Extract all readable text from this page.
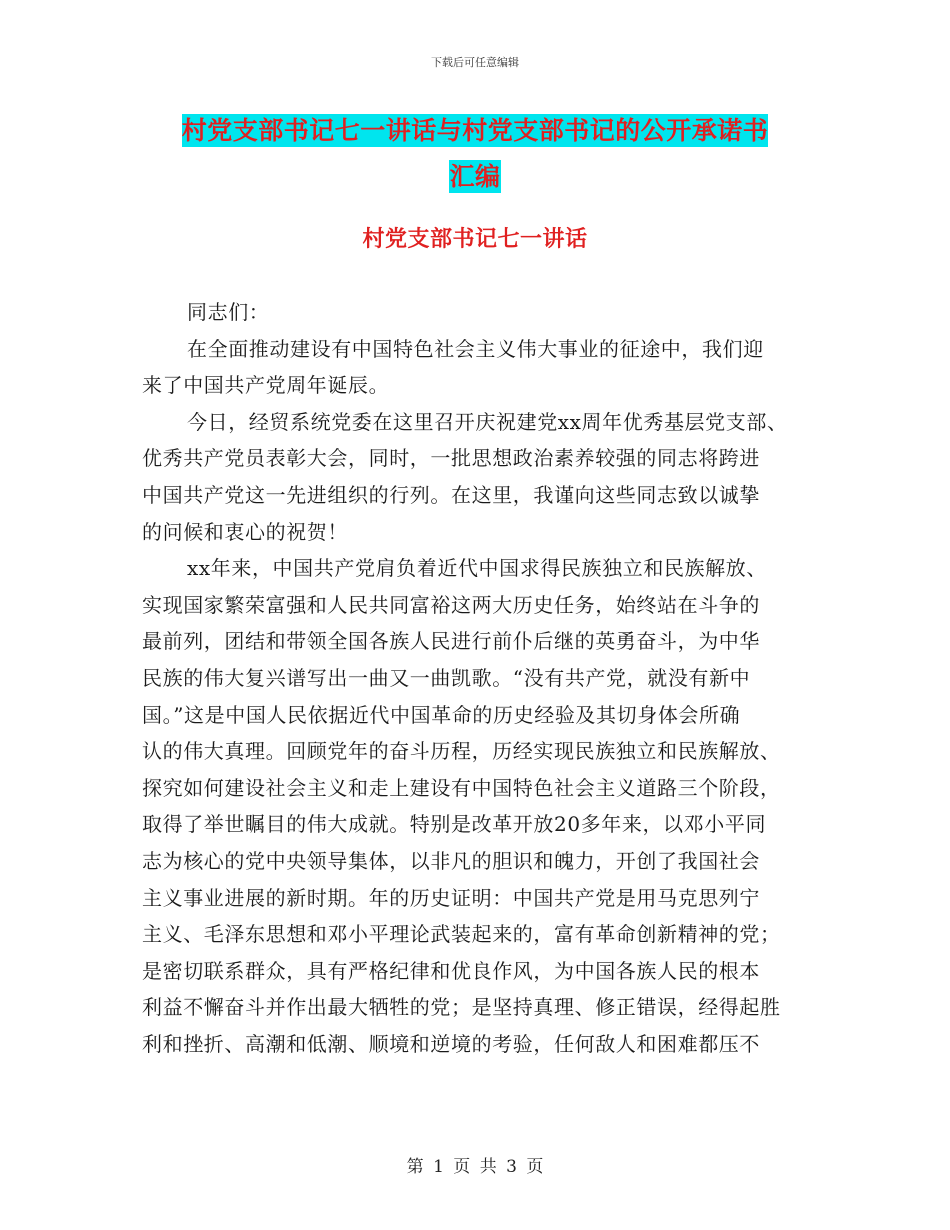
下载后可任意编辑
村党支部书记七一讲话与村党支部书记的公开承诺书
汇编
村党支部书记七一讲话
同志们：
在全面推动建设有中国特色社会主义伟大事业的征途中，我们迎
来了中国共产党周年诞辰。
今日，经贸系统党委在这里召开庆祝建党xx周年优秀基层党支部、
优秀共产党员表彰大会，同时，一批思想政治素养较强的同志将跨进
中国共产党这一先进组织的行列。在这里，我谨向这些同志致以诚挚
的问候和衷心的祝贺！
xx年来，中国共产党肩负着近代中国求得民族独立和民族解放、
实现国家繁荣富强和人民共同富裕这两大历史任务，始终站在斗争的
最前列，团结和带领全国各族人民进行前仆后继的英勇奋斗，为中华
民族的伟大复兴谱写出一曲又一曲凯歌。“没有共产党，就没有新中
国。”这是中国人民依据近代中国革命的历史经验及其切身体会所确
认的伟大真理。回顾党年的奋斗历程，历经实现民族独立和民族解放、
探究如何建设社会主义和走上建设有中国特色社会主义道路三个阶段，
取得了举世瞩目的伟大成就。特别是改革开放20多年来，以邓小平同
志为核心的党中央领导集体，以非凡的胆识和魄力，开创了我国社会
主义事业进展的新时期。年的历史证明：中国共产党是用马克思列宁
主义、毛泽东思想和邓小平理论武装起来的，富有革命创新精神的党；
是密切联系群众，具有严格纪律和优良作风，为中国各族人民的根本
利益不懈奋斗并作出最大牺牲的党；是坚持真理、修正错误，经得起胜
利和挫折、高潮和低潮、顺境和逆境的考验，任何敌人和困难都压不
第 1 页 共 3 页
